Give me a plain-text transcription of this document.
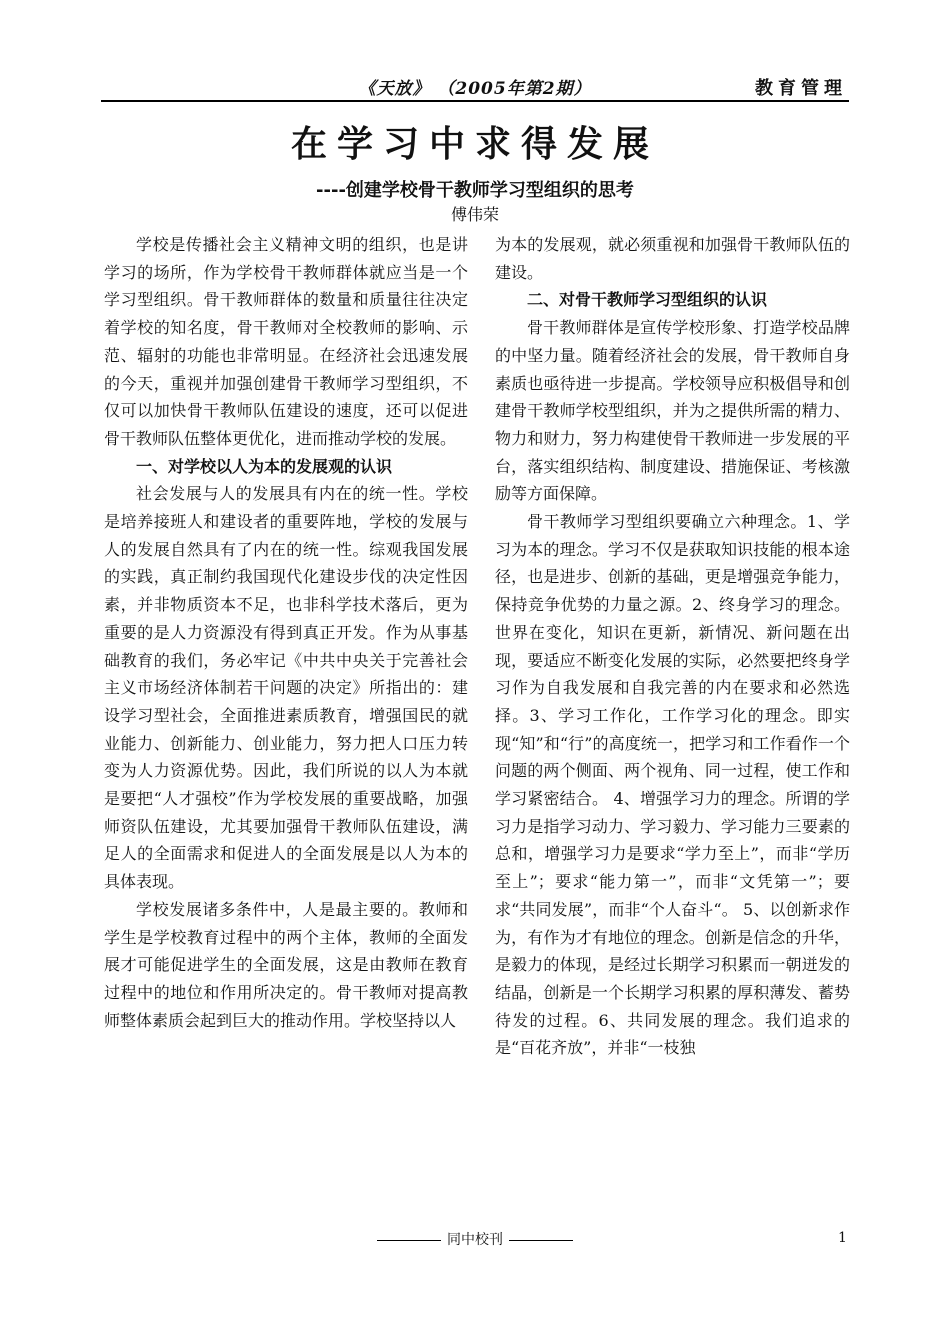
《天放》 （2005年第2期）	教育管理
在学习中求得发展
----创建学校骨干教师学习型组织的思考
傅伟荣

学校是传播社会主义精神文明的组织，也是讲学习的场所，作为学校骨干教师群体就应当是一个学习型组织。骨干教师群体的数量和质量往往决定着学校的知名度，骨干教师对全校教师的影响、示范、辐射的功能也非常明显。在经济社会迅速发展的今天，重视并加强创建骨干教师学习型组织，不仅可以加快骨干教师队伍建设的速度，还可以促进骨干教师队伍整体更优化，进而推动学校的发展。

一、对学校以人为本的发展观的认识

社会发展与人的发展具有内在的统一性。学校是培养接班人和建设者的重要阵地，学校的发展与人的发展自然具有了内在的统一性。综观我国发展的实践，真正制约我国现代化建设步伐的决定性因素，并非物质资本不足，也非科学技术落后，更为重要的是人力资源没有得到真正开发。作为从事基础教育的我们，务必牢记《中共中央关于完善社会主义市场经济体制若干问题的决定》所指出的：建设学习型社会，全面推进素质教育，增强国民的就业能力、创新能力、创业能力，努力把人口压力转变为人力资源优势。因此，我们所说的以人为本就是要把“人才强校”作为学校发展的重要战略，加强师资队伍建设，尤其要加强骨干教师队伍建设，满足人的全面需求和促进人的全面发展是以人为本的具体表现。

学校发展诸多条件中，人是最主要的。教师和学生是学校教育过程中的两个主体，教师的全面发展才可能促进学生的全面发展，这是由教师在教育过程中的地位和作用所决定的。骨干教师对提高教师整体素质会起到巨大的推动作用。学校坚持以人

为本的发展观，就必须重视和加强骨干教师队伍的建设。

二、对骨干教师学习型组织的认识

骨干教师群体是宣传学校形象、打造学校品牌的中坚力量。随着经济社会的发展，骨干教师自身素质也亟待进一步提高。学校领导应积极倡导和创建骨干教师学校型组织，并为之提供所需的精力、物力和财力，努力构建使骨干教师进一步发展的平台，落实组织结构、制度建设、措施保证、考核激励等方面保障。

骨干教师学习型组织要确立六种理念。1、学习为本的理念。学习不仅是获取知识技能的根本途径，也是进步、创新的基础，更是增强竞争能力，保持竞争优势的力量之源。2、终身学习的理念。世界在变化，知识在更新，新情况、新问题在出现，要适应不断变化发展的实际，必然要把终身学习作为自我发展和自我完善的内在要求和必然选择。3、学习工作化，工作学习化的理念。即实现“知”和“行”的高度统一，把学习和工作看作一个问题的两个侧面、两个视角、同一过程，使工作和学习紧密结合。 4、增强学习力的理念。所谓的学习力是指学习动力、学习毅力、学习能力三要素的总和，增强学习力是要求“学力至上”，而非“学历至上”；要求“能力第一”，而非“文凭第一”；要求“共同发展”，而非“个人奋斗“。 5、以创新求作为，有作为才有地位的理念。创新是信念的升华，是毅力的体现，是经过长期学习积累而一朝迸发的结晶，创新是一个长期学习积累的厚积薄发、蓄势待发的过程。6、共同发展的理念。我们追求的是“百花齐放”，并非“一枝独

同中校刊	1
